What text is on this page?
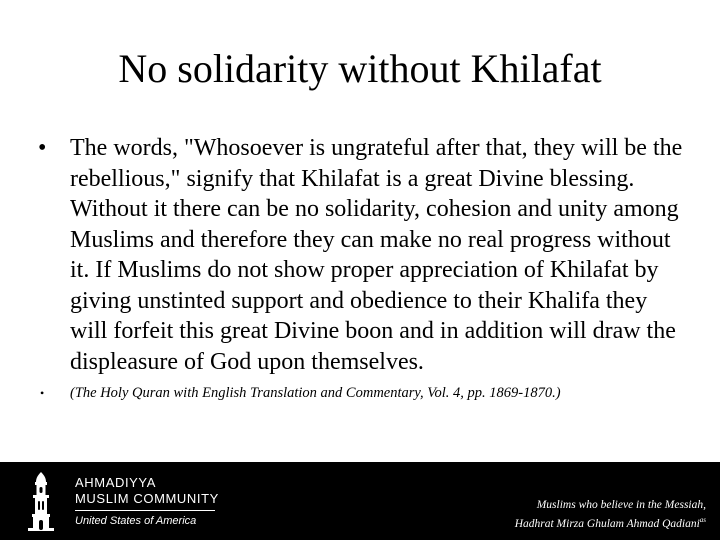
No solidarity without Khilafat
• The words, "Whosoever is ungrateful after that, they will be the rebellious," signify that Khilafat is a great Divine blessing. Without it there can be no solidarity, cohesion and unity among Muslims and therefore they can make no real progress without it. If Muslims do not show proper appreciation of Khilafat by giving unstinted support and obedience to their Khalifa they will forfeit this great Divine boon and in addition will draw the displeasure of God upon themselves.
• (The Holy Quran with English Translation and Commentary, Vol. 4, pp. 1869-1870.)
AHMADIYYA
MUSLIM COMMUNITY
United States of America
Muslims who believe in the Messiah,
Hadhrat Mirza Ghulam Ahmad Qadiani$^{as}$
